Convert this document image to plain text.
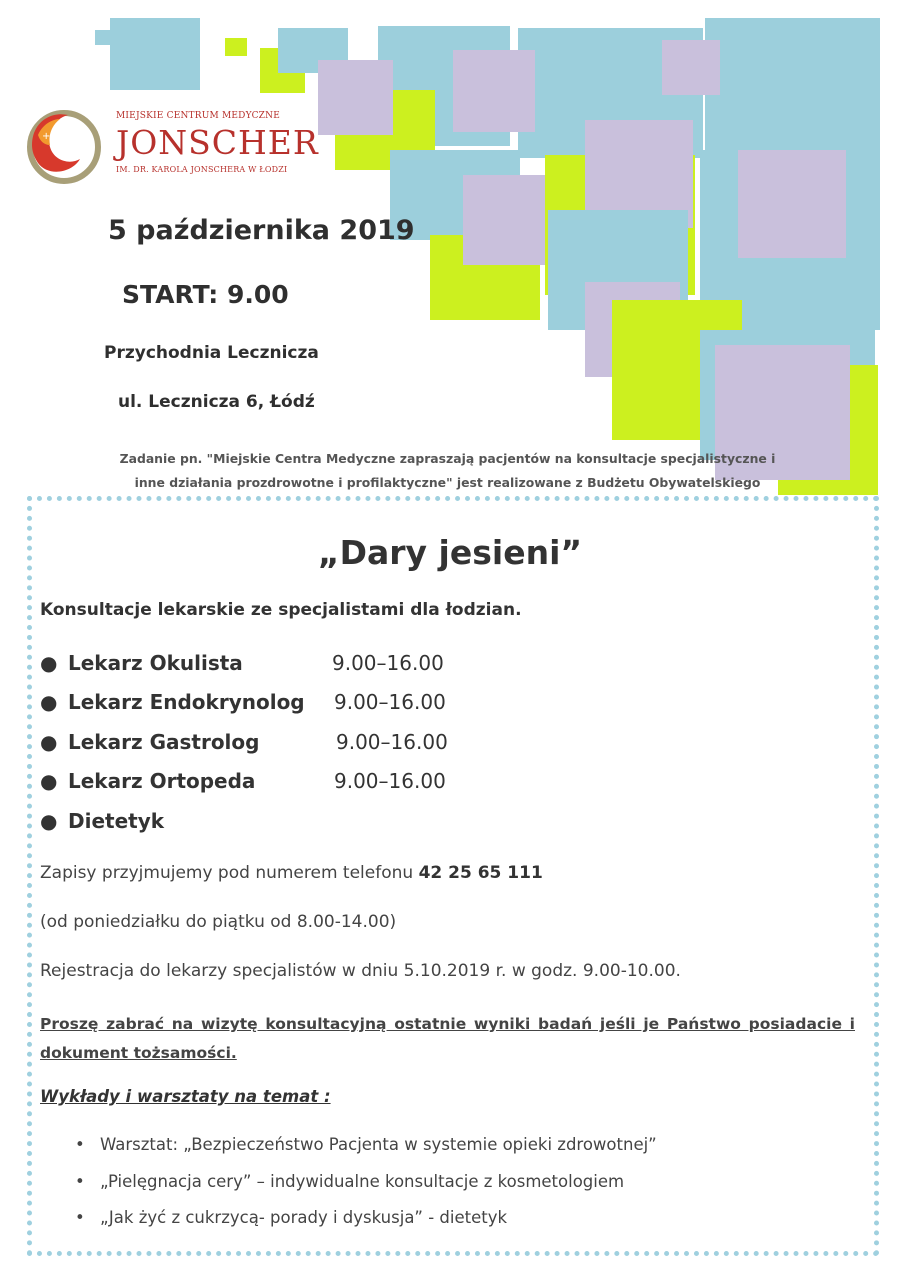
+
MIEJSKIE CENTRUM MEDYCZNE
JONSCHER
IM. DR. KAROLA JONSCHERA W ŁODZI
5 października 2019
START: 9.00
Przychodnia Lecznicza
ul. Lecznicza 6, Łódź
Zadanie pn. "Miejskie Centra Medyczne zapraszają pacjentów na konsultacje specjalistyczne i
inne działania prozdrowotne i profilaktyczne" jest realizowane z Budżetu Obywatelskiego
„Dary jesieni”
Konsultacje lekarskie ze specjalistami dla łodzian.
● Lekarz Okulista	9.00–16.00
● Lekarz Endokrynolog 9.00–16.00
● Lekarz Gastrolog	9.00–16.00
● Lekarz Ortopeda	9.00–16.00
● Dietetyk
Zapisy przyjmujemy pod numerem telefonu 42 25 65 111
(od poniedziałku do piątku od 8.00-14.00)
Rejestracja do lekarzy specjalistów w dniu 5.10.2019 r. w godz. 9.00-10.00.
Proszę zabrać na wizytę konsultacyjną ostatnie wyniki badań jeśli je Państwo posiadacie i dokument tożsamości.
Wykłady i warsztaty na temat :
• Warsztat: „Bezpieczeństwo Pacjenta w systemie opieki zdrowotnej”
• „Pielęgnacja cery” – indywidualne konsultacje z kosmetologiem
• „Jak żyć z cukrzycą- porady i dyskusja” - dietetyk
